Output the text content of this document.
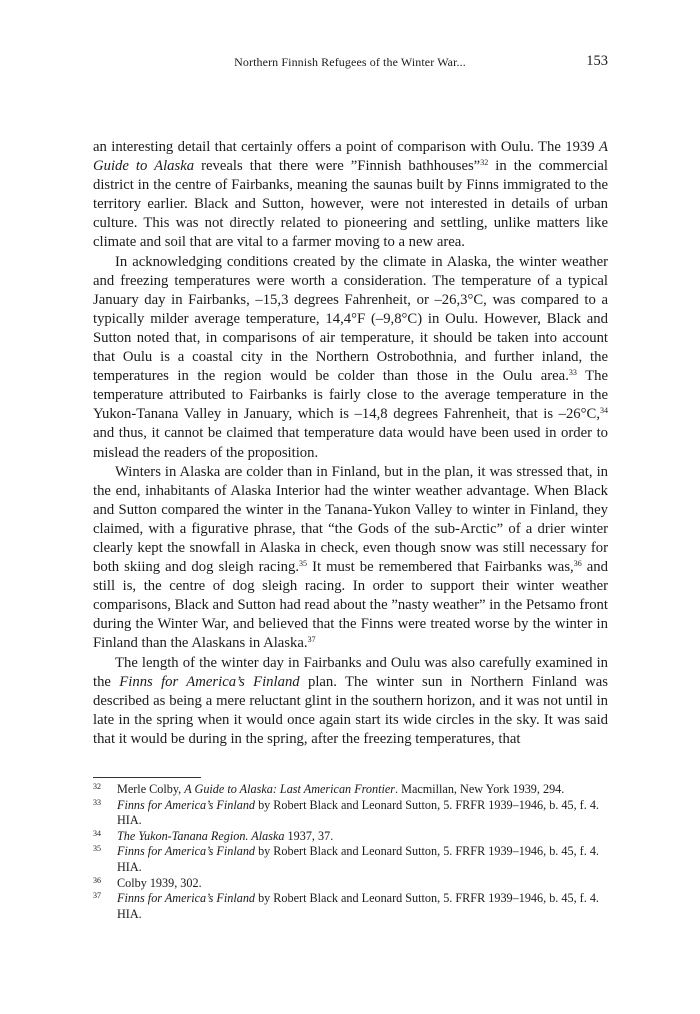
Northern Finnish Refugees of the Winter War...	153

an interesting detail that certainly offers a point of comparison with Oulu. The 1939 A Guide to Alaska reveals that there were ”Finnish bathhouses”$^{32}$ in the commercial district in the centre of Fairbanks, meaning the saunas built by Finns immigrated to the territory earlier. Black and Sutton, however, were not interested in details of urban culture. This was not directly related to pioneering and settling, unlike matters like climate and soil that are vital to a farmer moving to a new area.

In acknowledging conditions created by the climate in Alaska, the winter weather and freezing temperatures were worth a consideration. The temperature of a typical January day in Fairbanks, –15,3 degrees Fahrenheit, or –26,3°C, was compared to a typically milder average temperature, 14,4°F (–9,8°C) in Oulu. However, Black and Sutton noted that, in comparisons of air temperature, it should be taken into account that Oulu is a coastal city in the Northern Ostrobothnia, and further inland, the temperatures in the region would be colder than those in the Oulu area.$^{33}$ The temperature attributed to Fairbanks is fairly close to the average temperature in the Yukon-Tanana Valley in January, which is –14,8 degrees Fahrenheit, that is –26°C,$^{34}$ and thus, it cannot be claimed that temperature data would have been used in order to mislead the readers of the proposition.

Winters in Alaska are colder than in Finland, but in the plan, it was stressed that, in the end, inhabitants of Alaska Interior had the winter weather advantage. When Black and Sutton compared the winter in the Tanana-Yukon Valley to winter in Finland, they claimed, with a figurative phrase, that “the Gods of the sub-Arctic” of a drier winter clearly kept the snowfall in Alaska in check, even though snow was still necessary for both skiing and dog sleigh racing.$^{35}$ It must be remembered that Fairbanks was,$^{36}$ and still is, the centre of dog sleigh racing. In order to support their winter weather comparisons, Black and Sutton had read about the ”nasty weather” in the Petsamo front during the Winter War, and believed that the Finns were treated worse by the winter in Finland than the Alaskans in Alaska.$^{37}$

The length of the winter day in Fairbanks and Oulu was also carefully examined in the Finns for America’s Finland plan. The winter sun in Northern Finland was described as being a mere reluctant glint in the southern horizon, and it was not until in late in the spring when it would once again start its wide circles in the sky. It was said that it would be during in the spring, after the freezing temperatures, that

32 Merle Colby, A Guide to Alaska: Last American Frontier. Macmillan, New York 1939, 294.
33 Finns for America’s Finland by Robert Black and Leonard Sutton, 5. FRFR 1939–1946, b. 45, f. 4. HIA.
34 The Yukon-Tanana Region. Alaska 1937, 37.
35 Finns for America’s Finland by Robert Black and Leonard Sutton, 5. FRFR 1939–1946, b. 45, f. 4. HIA.
36 Colby 1939, 302.
37 Finns for America’s Finland by Robert Black and Leonard Sutton, 5. FRFR 1939–1946, b. 45, f. 4. HIA.
